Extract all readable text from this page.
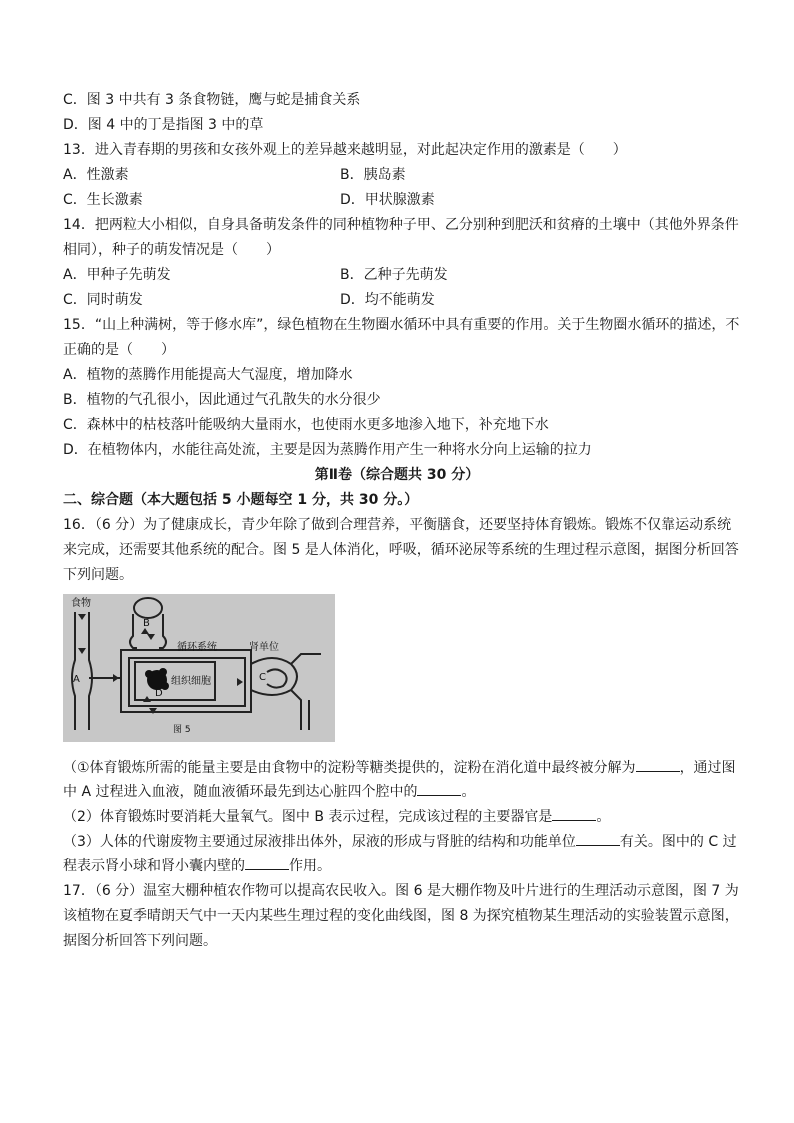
C．图 3 中共有 3 条食物链，鹰与蛇是捕食关系
D．图 4 中的丁是指图 3 中的草
13．进入青春期的男孩和女孩外观上的差异越来越明显，对此起决定作用的激素是（　　）
A．性激素	B．胰岛素
C．生长激素	D．甲状腺激素
14．把两粒大小相似，自身具备萌发条件的同种植物种子甲、乙分别种到肥沃和贫瘠的土壤中（其他外界条件
相同），种子的萌发情况是（　　）
A．甲种子先萌发	B．乙种子先萌发
C．同时萌发	D．均不能萌发
15．“山上种满树，等于修水库”，绿色植物在生物圈水循环中具有重要的作用。关于生物圈水循环的描述，不
正确的是（　　）
A．植物的蒸腾作用能提高大气湿度，增加降水
B．植物的气孔很小，因此通过气孔散失的水分很少
C．森林中的枯枝落叶能吸纳大量雨水，也使雨水更多地渗入地下，补充地下水
D．在植物体内，水能往高处流，主要是因为蒸腾作用产生一种将水分向上运输的拉力
第Ⅱ卷（综合题共 30 分）
二、综合题（本大题包括 5 小题每空 1 分，共 30 分。）
16．（6 分）为了健康成长，青少年除了做到合理营养，平衡膳食，还要坚持体育锻炼。锻炼不仅靠运动系统
来完成，还需要其他系统的配合。图 5 是人体消化，呼吸，循环泌尿等系统的生理过程示意图，据图分析回答
下列问题。
食物
循环系统	肾单位
组织细胞
A
B
C
D
图 5
（①体育锻炼所需的能量主要是由食物中的淀粉等糖类提供的，淀粉在消化道中最终被分解为	，通过图
中 A 过程进入血液，随血液循环最先到达心脏四个腔中的	。
（2）体育锻炼时要消耗大量氧气。图中 B 表示过程，完成该过程的主要器官是	。
（3）人体的代谢废物主要通过尿液排出体外，尿液的形成与肾脏的结构和功能单位	有关。图中的 C 过
程表示肾小球和肾小囊内壁的	作用。
17．（6 分）温室大棚种植农作物可以提高农民收入。图 6 是大棚作物及叶片进行的生理活动示意图，图 7 为
该植物在夏季晴朗天气中一天内某些生理过程的变化曲线图，图 8 为探究植物某生理活动的实验装置示意图，
据图分析回答下列问题。
